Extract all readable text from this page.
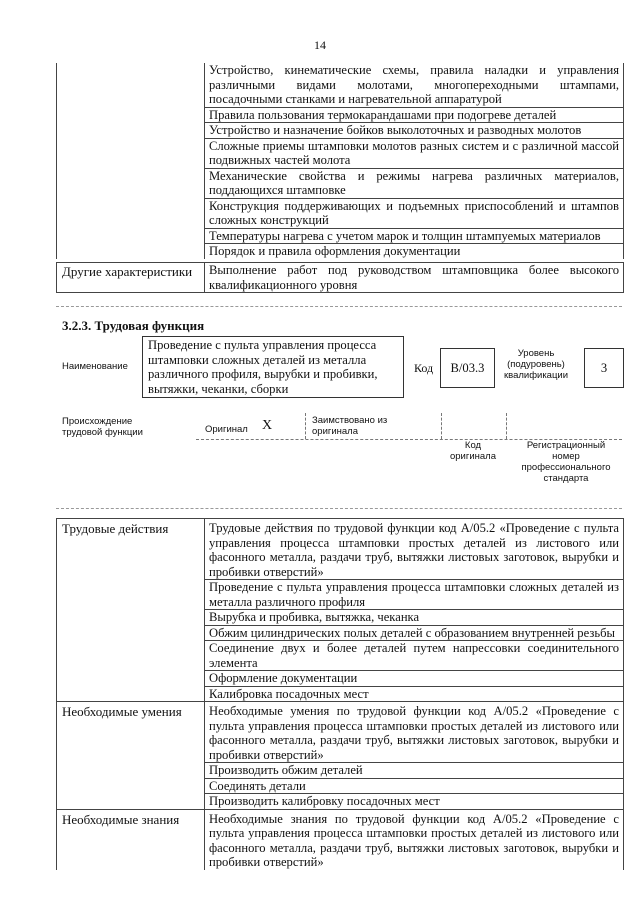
14
Устройство, кинематические схемы, правила наладки и управления различными видами молотами, многопереходными штампами, посадочными станками и нагревательной аппаратурой
Правила пользования термокарандашами при подогреве деталей
Устройство и назначение бойков выколоточных и разводных молотов
Сложные приемы штамповки молотов разных систем и с различной массой подвижных частей молота
Механические свойства и режимы нагрева различных материалов, поддающихся штамповке
Конструкция поддерживающих и подъемных приспособлений и штампов сложных конструкций
Температуры нагрева с учетом марок и толщин штампуемых материалов
Порядок и правила оформления документации
Другие характеристики	Выполнение работ под руководством штамповщика более высокого квалификационного уровня
3.2.3. Трудовая функция
Наименование
Проведение с пульта управления процесса штамповки сложных деталей из металла различного профиля, вырубки и пробивки, вытяжки, чеканки, сборки
Код	В/03.3
Уровень (подуровень) квалификации
3
Происхождение трудовой функции	Оригинал Х	Заимствовано из оригинала
Код оригинала
Регистрационный номер профессионального стандарта
Трудовые действия	Трудовые действия по трудовой функции код А/05.2 «Проведение с пульта управления процесса штамповки простых деталей из листового или фасонного металла, раздачи труб, вытяжки листовых заготовок, вырубки и пробивки отверстий»
Проведение с пульта управления процесса штамповки сложных деталей из металла различного профиля
Вырубка и пробивка, вытяжка, чеканка
Обжим цилиндрических полых деталей с образованием внутренней резьбы
Соединение двух и более деталей путем напрессовки соединительного элемента
Оформление документации
Калибровка посадочных мест
Необходимые умения	Необходимые умения по трудовой функции код А/05.2 «Проведение с пульта управления процесса штамповки простых деталей из листового или фасонного металла, раздачи труб, вытяжки листовых заготовок, вырубки и пробивки отверстий»
Производить обжим деталей
Соединять детали
Производить калибровку посадочных мест
Необходимые знания	Необходимые знания по трудовой функции код А/05.2 «Проведение с пульта управления процесса штамповки простых деталей из листового или фасонного металла, раздачи труб, вытяжки листовых заготовок, вырубки и пробивки отверстий»
